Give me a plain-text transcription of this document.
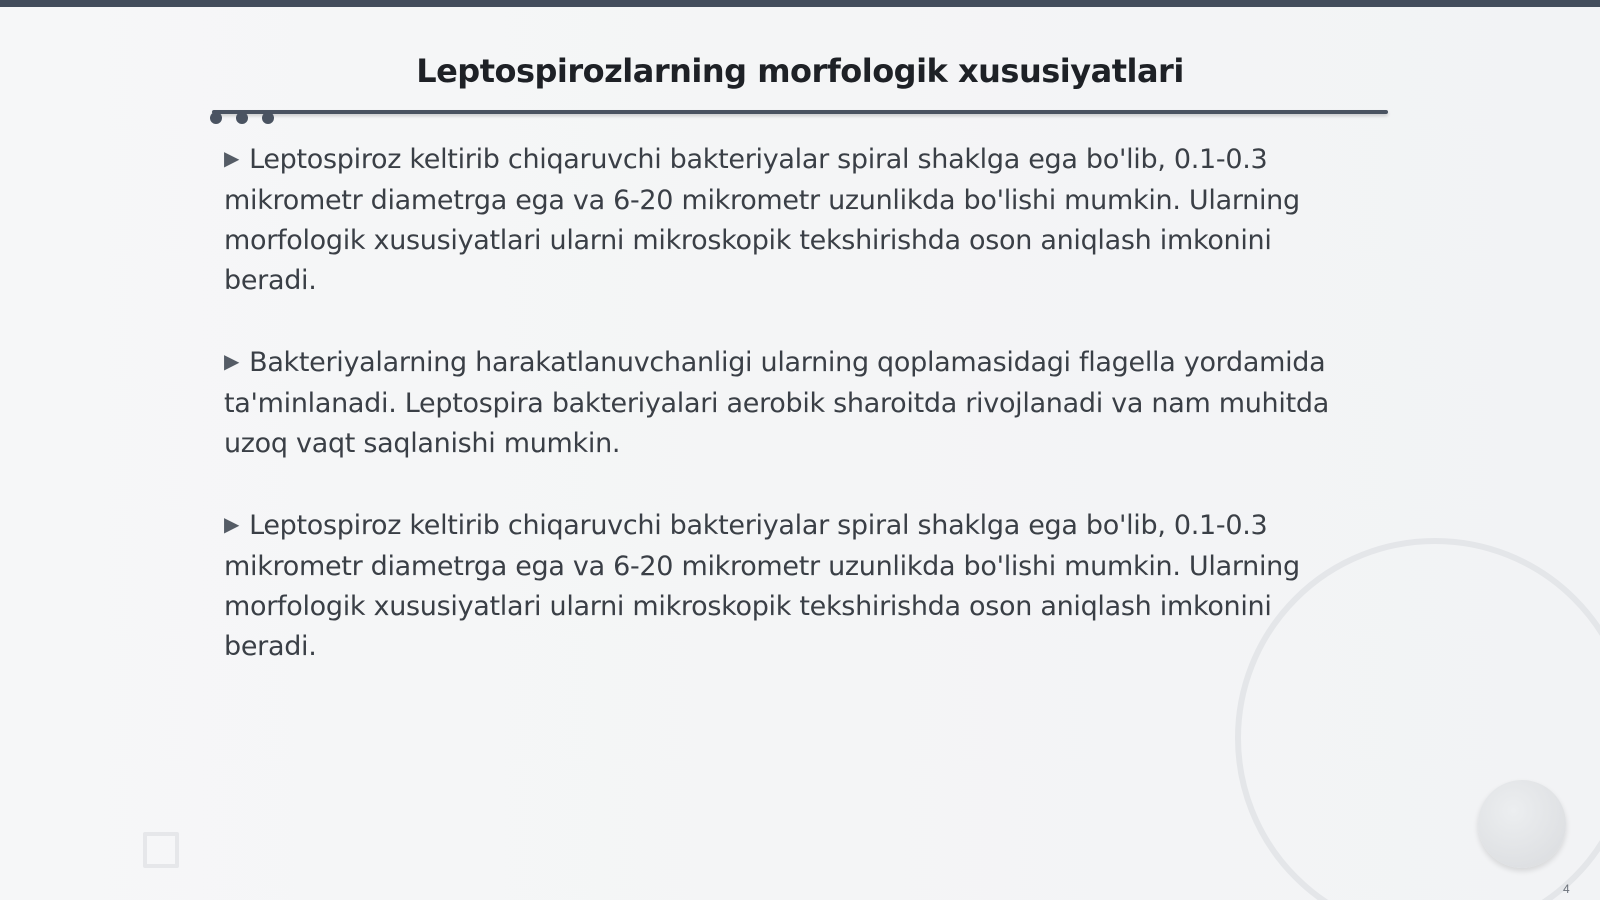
Leptospirozlarning morfologik xususiyatlari

▶ Leptospiroz keltirib chiqaruvchi bakteriyalar spiral shaklga ega bo'lib, 0.1-0.3 mikrometr diametrga ega va 6-20 mikrometr uzunlikda bo'lishi mumkin. Ularning morfologik xususiyatlari ularni mikroskopik tekshirishda oson aniqlash imkonini beradi.

▶ Bakteriyalarning harakatlanuvchanligi ularning qoplamasidagi flagella yordamida ta'minlanadi. Leptospira bakteriyalari aerobik sharoitda rivojlanadi va nam muhitda uzoq vaqt saqlanishi mumkin.

▶ Leptospiroz keltirib chiqaruvchi bakteriyalar spiral shaklga ega bo'lib, 0.1-0.3 mikrometr diametrga ega va 6-20 mikrometr uzunlikda bo'lishi mumkin. Ularning morfologik xususiyatlari ularni mikroskopik tekshirishda oson aniqlash imkonini beradi.

4
